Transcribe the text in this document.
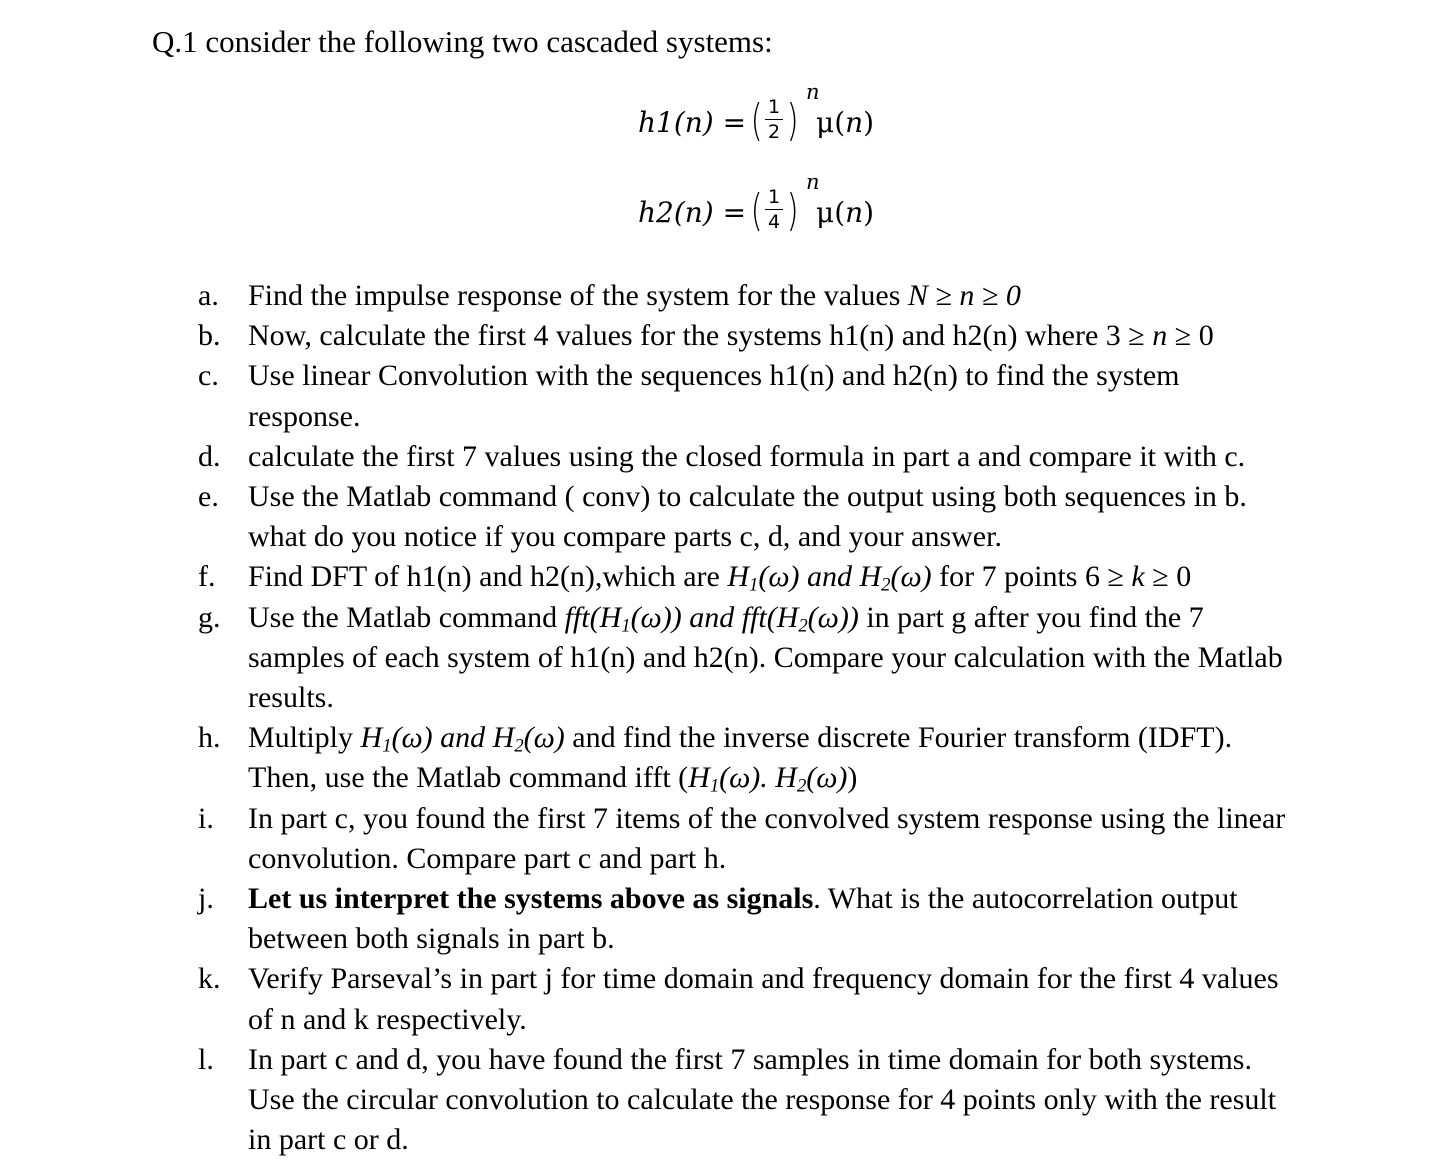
Q.1 consider the following two cascaded systems:
h1(n) = ( 1
2 )
n
μ(n)
h2(n) = ( 1
4 )
n
μ(n)
a. Find the impulse response of the system for the values N ≥ n ≥ 0
b. Now, calculate the first 4 values for the systems h1(n) and h2(n) where 3 ≥ n ≥ 0
c. Use linear Convolution with the sequences h1(n) and h2(n) to find the system
response.
d. calculate the first 7 values using the closed formula in part a and compare it with c.
e. Use the Matlab command ( conv) to calculate the output using both sequences in b.
what do you notice if you compare parts c, d, and your answer.
f.	Find DFT of h1(n) and h2(n),which are $H_1(\omega)$ and $H_2(\omega)$ for 7 points 6 ≥ k ≥ 0
g. Use the Matlab command $fft(H_1(\omega))$ and $fft(H_2(\omega))$ in part g after you find the 7
samples of each system of h1(n) and h2(n). Compare your calculation with the Matlab
results.
h. Multiply $H_1(\omega)$ and $H_2(\omega)$ and find the inverse discrete Fourier transform (IDFT).
Then, use the Matlab command ifft ($H_1(\omega)$. $H_2(\omega)$)
i.	In part c, you found the first 7 items of the convolved system response using the linear
convolution. Compare part c and part h.
j.	Let us interpret the systems above as signals. What is the autocorrelation output
between both signals in part b.
k. Verify Parseval’s in part j for time domain and frequency domain for the first 4 values
of n and k respectively.
l.	In part c and d, you have found the first 7 samples in time domain for both systems.
Use the circular convolution to calculate the response for 4 points only with the result
in part c or d.
